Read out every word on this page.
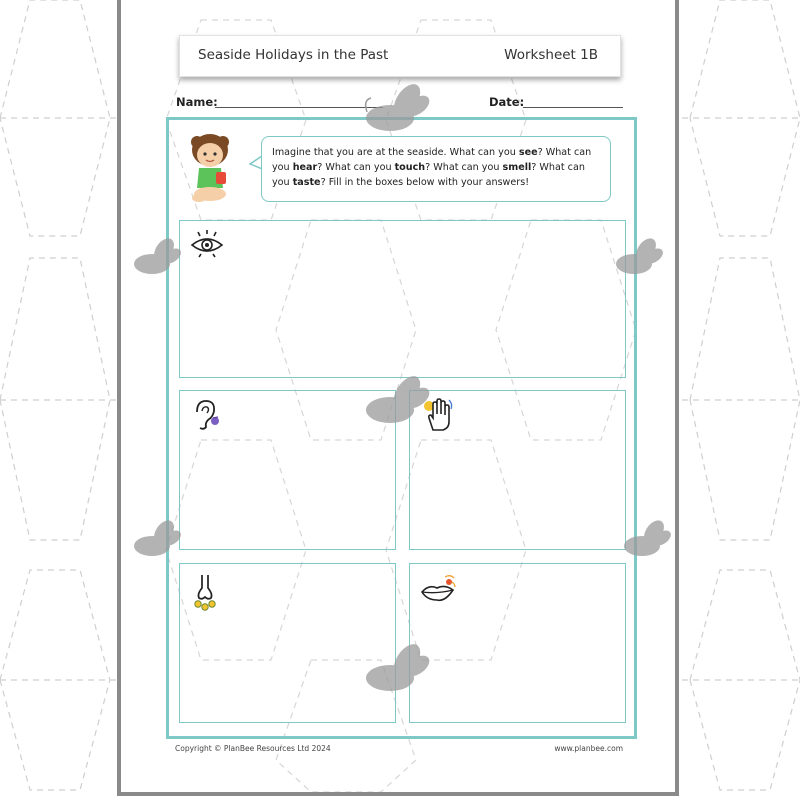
Seaside Holidays in the Past	Worksheet 1B
Name:	Date:
Imagine that you are at the seaside. What can you see? What can you hear? What can you touch? What can you smell? What can you taste? Fill in the boxes below with your answers!
Copyright © PlanBee Resources Ltd 2024	www.planbee.com
